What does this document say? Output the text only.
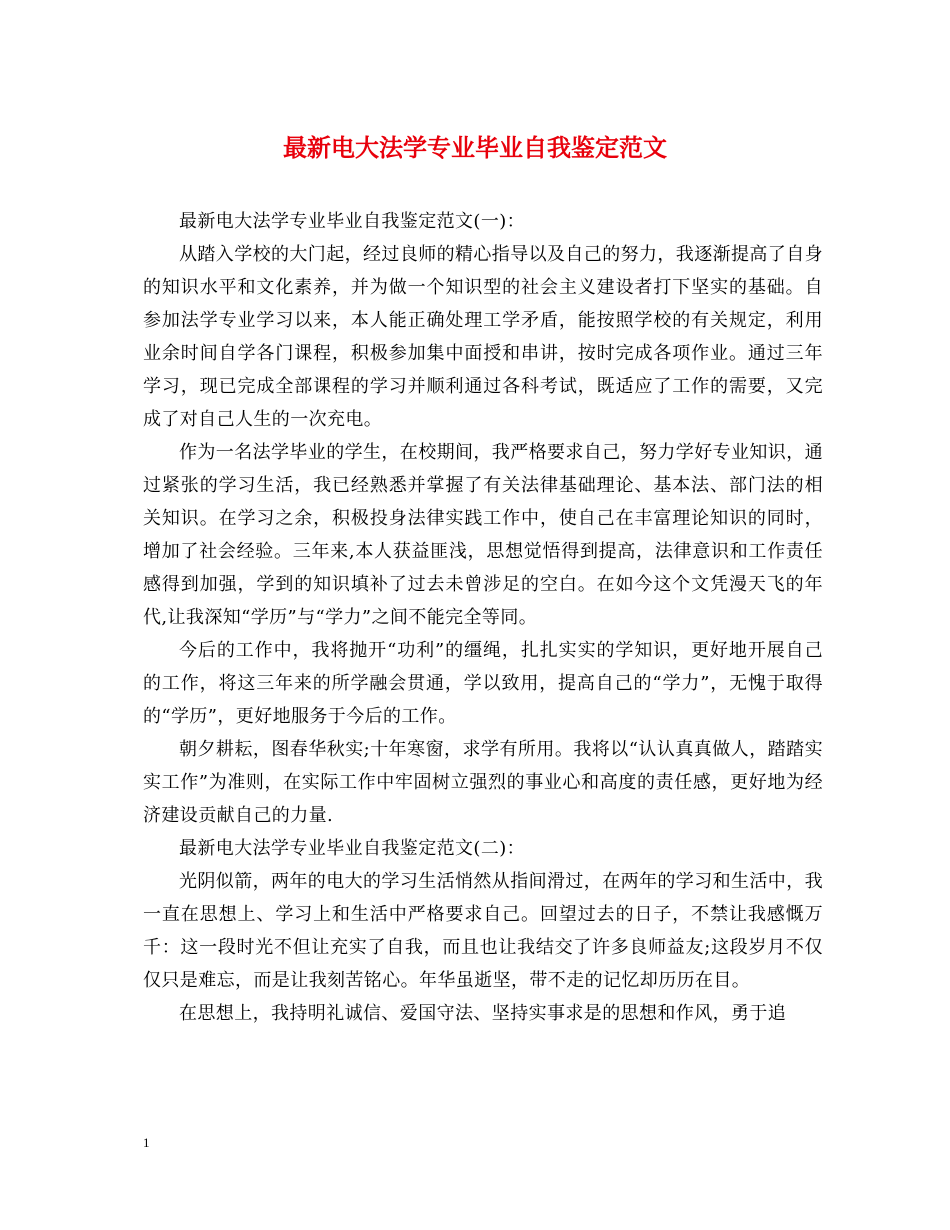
最新电大法学专业毕业自我鉴定范文

最新电大法学专业毕业自我鉴定范文(一)：

从踏入学校的大门起，经过良师的精心指导以及自己的努力，我逐渐提高了自身的知识水平和文化素养，并为做一个知识型的社会主义建设者打下坚实的基础。自参加法学专业学习以来，本人能正确处理工学矛盾，能按照学校的有关规定，利用业余时间自学各门课程，积极参加集中面授和串讲，按时完成各项作业。通过三年学习，现已完成全部课程的学习并顺利通过各科考试，既适应了工作的需要，又完成了对自己人生的一次充电。

作为一名法学毕业的学生，在校期间，我严格要求自己，努力学好专业知识，通过紧张的学习生活，我已经熟悉并掌握了有关法律基础理论、基本法、部门法的相关知识。在学习之余，积极投身法律实践工作中，使自己在丰富理论知识的同时，增加了社会经验。三年来,本人获益匪浅，思想觉悟得到提高，法律意识和工作责任感得到加强，学到的知识填补了过去未曾涉足的空白。在如今这个文凭漫天飞的年代,让我深知“学历”与“学力”之间不能完全等同。

今后的工作中，我将抛开“功利”的缰绳，扎扎实实的学知识，更好地开展自己的工作，将这三年来的所学融会贯通，学以致用，提高自己的“学力”，无愧于取得的“学历”，更好地服务于今后的工作。

朝夕耕耘，图春华秋实;十年寒窗，求学有所用。我将以“认认真真做人，踏踏实实工作”为准则，在实际工作中牢固树立强烈的事业心和高度的责任感，更好地为经济建设贡献自己的力量.

最新电大法学专业毕业自我鉴定范文(二)：

光阴似箭，两年的电大的学习生活悄然从指间滑过，在两年的学习和生活中，我一直在思想上、学习上和生活中严格要求自己。回望过去的日子，不禁让我感慨万千：这一段时光不但让充实了自我，而且也让我结交了许多良师益友;这段岁月不仅仅只是难忘，而是让我刻苦铭心。年华虽逝坚，带不走的记忆却历历在目。

在思想上，我持明礼诚信、爱国守法、坚持实事求是的思想和作风，勇于追

1
